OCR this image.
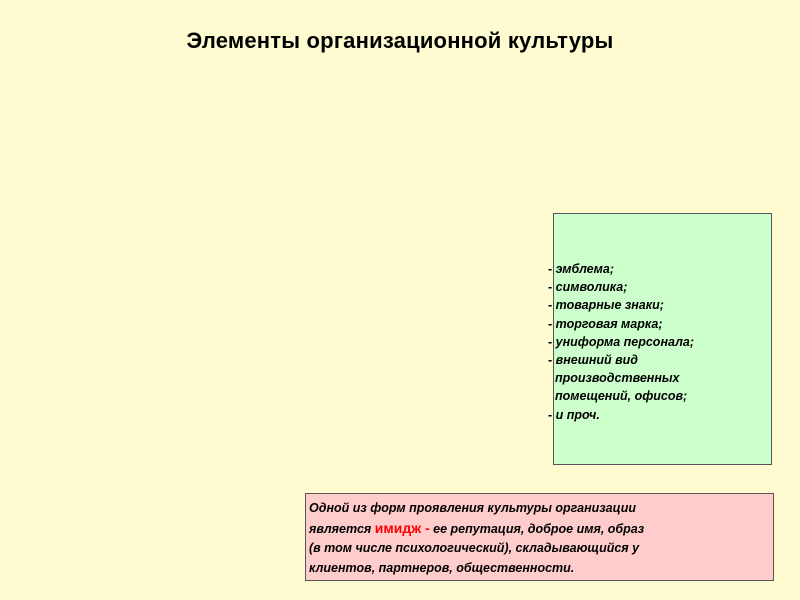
Элементы организационной культуры
- эмблема;
- символика;
- товарные знаки;
- торговая марка;
- униформа персонала;
- внешний вид
производственных
помещений, офисов;
- и проч.
Одной из форм проявления культуры организации
является имидж - ее репутация, доброе имя, образ
(в том числе психологический), складывающийся у
клиентов, партнеров, общественности.
